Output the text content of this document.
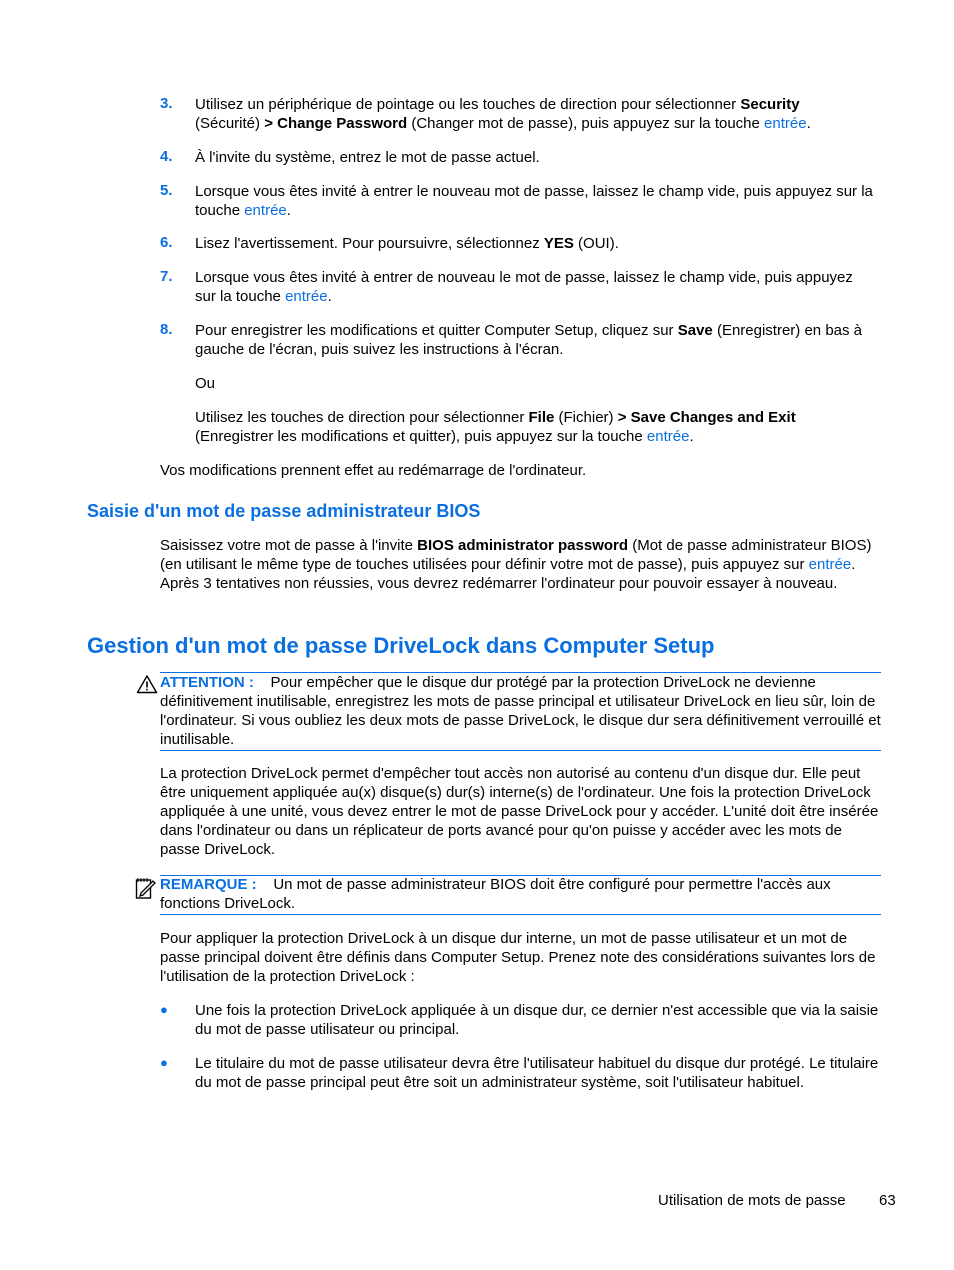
3. Utilisez un périphérique de pointage ou les touches de direction pour sélectionner Security
(Sécurité) > Change Password (Changer mot de passe), puis appuyez sur la touche entrée.
4. À l'invite du système, entrez le mot de passe actuel.
5. Lorsque vous êtes invité à entrer le nouveau mot de passe, laissez le champ vide, puis appuyez sur la touche entrée.
6. Lisez l'avertissement. Pour poursuivre, sélectionnez YES (OUI).
7. Lorsque vous êtes invité à entrer de nouveau le mot de passe, laissez le champ vide, puis appuyez sur la touche entrée.
8. Pour enregistrer les modifications et quitter Computer Setup, cliquez sur Save (Enregistrer) en bas à gauche de l'écran, puis suivez les instructions à l'écran.
Ou
Utilisez les touches de direction pour sélectionner File (Fichier) > Save Changes and Exit
(Enregistrer les modifications et quitter), puis appuyez sur la touche entrée.
Vos modifications prennent effet au redémarrage de l'ordinateur.
Saisie d'un mot de passe administrateur BIOS
Saisissez votre mot de passe à l'invite BIOS administrator password (Mot de passe administrateur BIOS) (en utilisant le même type de touches utilisées pour définir votre mot de passe), puis appuyez sur entrée. Après 3 tentatives non réussies, vous devrez redémarrer l'ordinateur pour pouvoir essayer à nouveau.
Gestion d'un mot de passe DriveLock dans Computer Setup
ATTENTION : Pour empêcher que le disque dur protégé par la protection DriveLock ne devienne définitivement inutilisable, enregistrez les mots de passe principal et utilisateur DriveLock en lieu sûr, loin de l'ordinateur. Si vous oubliez les deux mots de passe DriveLock, le disque dur sera définitivement verrouillé et inutilisable.
La protection DriveLock permet d'empêcher tout accès non autorisé au contenu d'un disque dur. Elle peut être uniquement appliquée au(x) disque(s) dur(s) interne(s) de l'ordinateur. Une fois la protection DriveLock appliquée à une unité, vous devez entrer le mot de passe DriveLock pour y accéder. L'unité doit être insérée dans l'ordinateur ou dans un réplicateur de ports avancé pour qu'on puisse y accéder avec les mots de passe DriveLock.
REMARQUE : Un mot de passe administrateur BIOS doit être configuré pour permettre l'accès aux fonctions DriveLock.
Pour appliquer la protection DriveLock à un disque dur interne, un mot de passe utilisateur et un mot de passe principal doivent être définis dans Computer Setup. Prenez note des considérations suivantes lors de l'utilisation de la protection DriveLock :
● Une fois la protection DriveLock appliquée à un disque dur, ce dernier n'est accessible que via la saisie du mot de passe utilisateur ou principal.
● Le titulaire du mot de passe utilisateur devra être l'utilisateur habituel du disque dur protégé. Le titulaire du mot de passe principal peut être soit un administrateur système, soit l'utilisateur habituel.
Utilisation de mots de passe 63
